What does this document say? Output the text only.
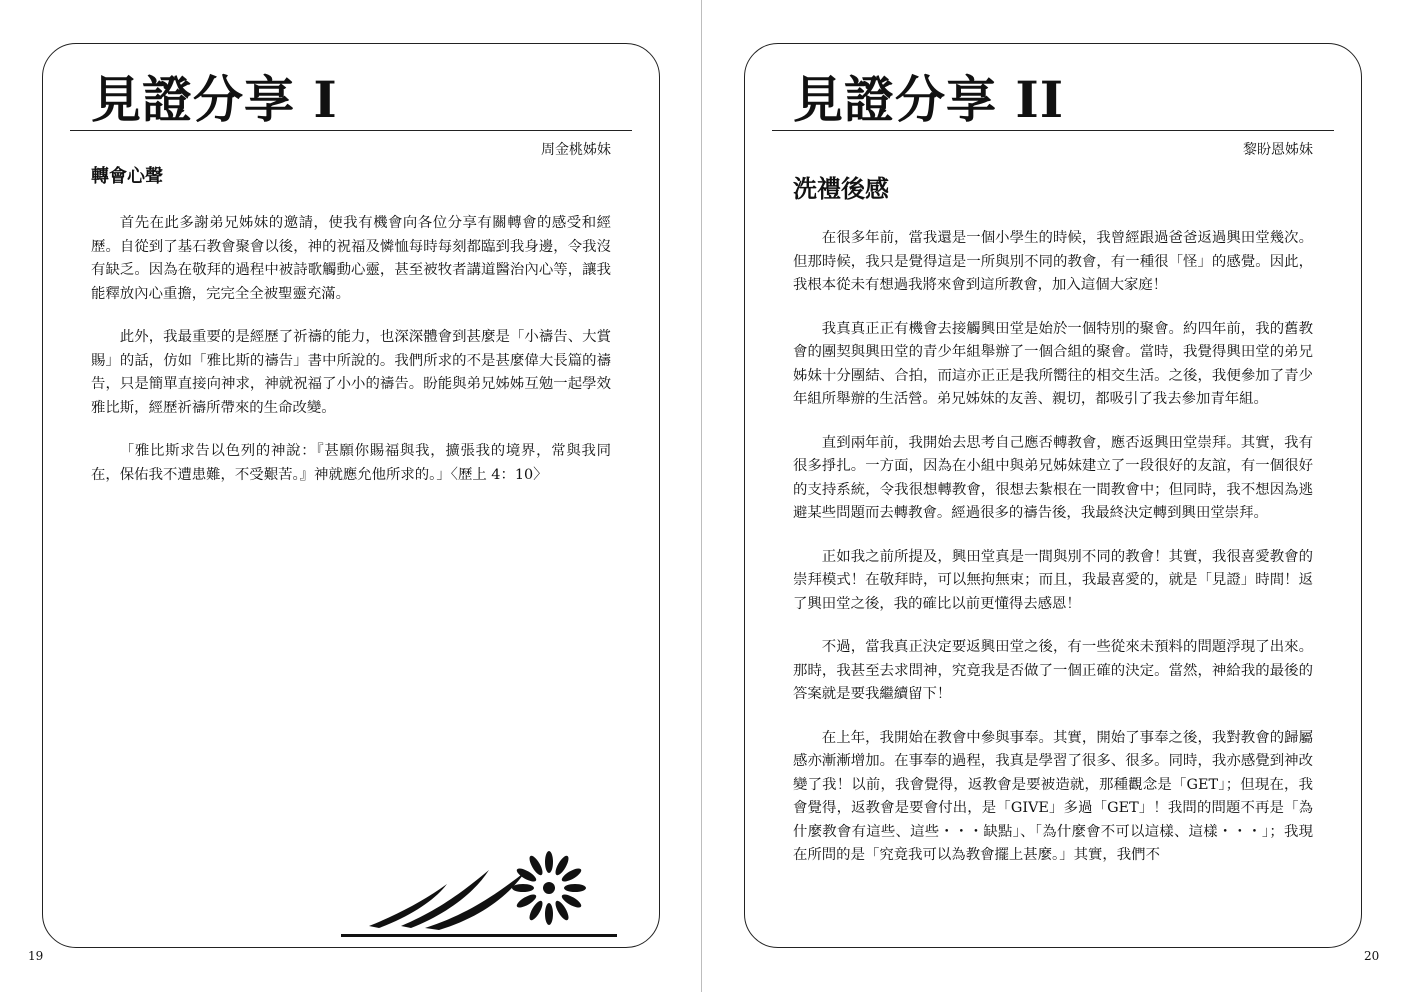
見證分享 I
周金桃姊妹
轉會心聲

首先在此多謝弟兄姊妹的邀請，使我有機會向各位分享有關轉會的感受和經歷。自從到了基石教會聚會以後，神的祝福及憐恤每時每刻都臨到我身邊，令我沒有缺乏。因為在敬拜的過程中被詩歌觸動心靈，甚至被牧者講道醫治內心等，讓我能釋放內心重擔，完完全全被聖靈充滿。

此外，我最重要的是經歷了祈禱的能力，也深深體會到甚麼是「小禱告、大賞賜」的話，仿如「雅比斯的禱告」書中所說的。我們所求的不是甚麼偉大長篇的禱告，只是簡單直接向神求，神就祝福了小小的禱告。盼能與弟兄姊姊互勉一起學效雅比斯，經歷祈禱所帶來的生命改變。

「雅比斯求告以色列的神說：『甚願你賜福與我，擴張我的境界，常與我同在，保佑我不遭患難，不受艱苦。』神就應允他所求的。」〈歷上 4：10〉

19
見證分享 II
黎盼恩姊妹
洗禮後感

在很多年前，當我還是一個小學生的時候，我曾經跟過爸爸返過興田堂幾次。但那時候，我只是覺得這是一所與別不同的教會，有一種很「怪」的感覺。因此，我根本從未有想過我將來會到這所教會，加入這個大家庭！

我真真正正有機會去接觸興田堂是始於一個特別的聚會。約四年前，我的舊教會的團契與興田堂的青少年組舉辦了一個合組的聚會。當時，我覺得興田堂的弟兄姊妹十分團結、合拍，而這亦正正是我所嚮往的相交生活。之後，我便參加了青少年組所舉辦的生活營。弟兄姊妹的友善、親切，都吸引了我去參加青年組。

直到兩年前，我開始去思考自己應否轉教會，應否返興田堂崇拜。其實，我有很多掙扎。一方面，因為在小組中與弟兄姊妹建立了一段很好的友誼，有一個很好的支持系統，令我很想轉教會，很想去紮根在一間教會中；但同時，我不想因為逃避某些問題而去轉教會。經過很多的禱告後，我最終決定轉到興田堂崇拜。

正如我之前所提及，興田堂真是一間與別不同的教會！其實，我很喜愛教會的崇拜模式！在敬拜時，可以無拘無束；而且，我最喜愛的，就是「見證」時間！返了興田堂之後，我的確比以前更懂得去感恩！

不過，當我真正決定要返興田堂之後，有一些從來未預料的問題浮現了出來。那時，我甚至去求問神，究竟我是否做了一個正確的決定。當然，神給我的最後的答案就是要我繼續留下！

在上年，我開始在教會中參與事奉。其實，開始了事奉之後，我對教會的歸屬感亦漸漸增加。在事奉的過程，我真是學習了很多、很多。同時，我亦感覺到神改變了我！以前，我會覺得，返教會是要被造就，那種觀念是「GET」；但現在，我會覺得，返教會是要會付出，是「GIVE」多過「GET」！我問的問題不再是「為什麼教會有這些、這些・・・缺點」、「為什麼會不可以這樣、這樣・・・」；我現在所問的是「究竟我可以為教會擺上甚麼。」其實，我們不

20
